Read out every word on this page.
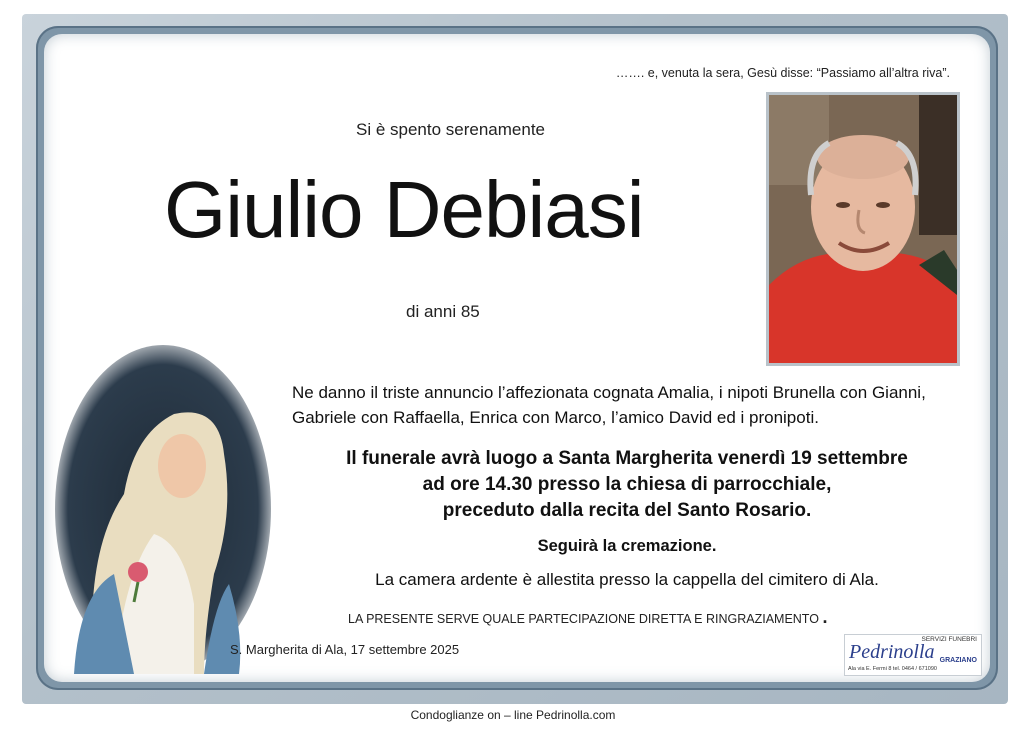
……. e, venuta la sera, Gesù disse: “Passiamo all’altra riva”.
Si è spento serenamente
Giulio Debiasi
di anni 85
Ne danno il triste annuncio l’affezionata cognata Amalia, i nipoti Brunella con Gianni, Gabriele con Raffaella, Enrica con Marco, l’amico David ed i pronipoti.
Il funerale avrà luogo a Santa Margherita venerdì 19 settembre
ad ore 14.30 presso la chiesa di parrocchiale,
preceduto dalla recita del Santo Rosario.
Seguirà la cremazione.
La camera ardente è allestita presso la cappella del cimitero di Ala.
LA PRESENTE SERVE QUALE PARTECIPAZIONE DIRETTA E RINGRAZIAMENTO .
S. Margherita di Ala, 17 settembre 2025
SERVIZI FUNEBRI
Pedrinolla GRAZIANO
Ala via E. Fermi 8 tel. 0464 / 671090
Condoglianze on – line Pedrinolla.com
